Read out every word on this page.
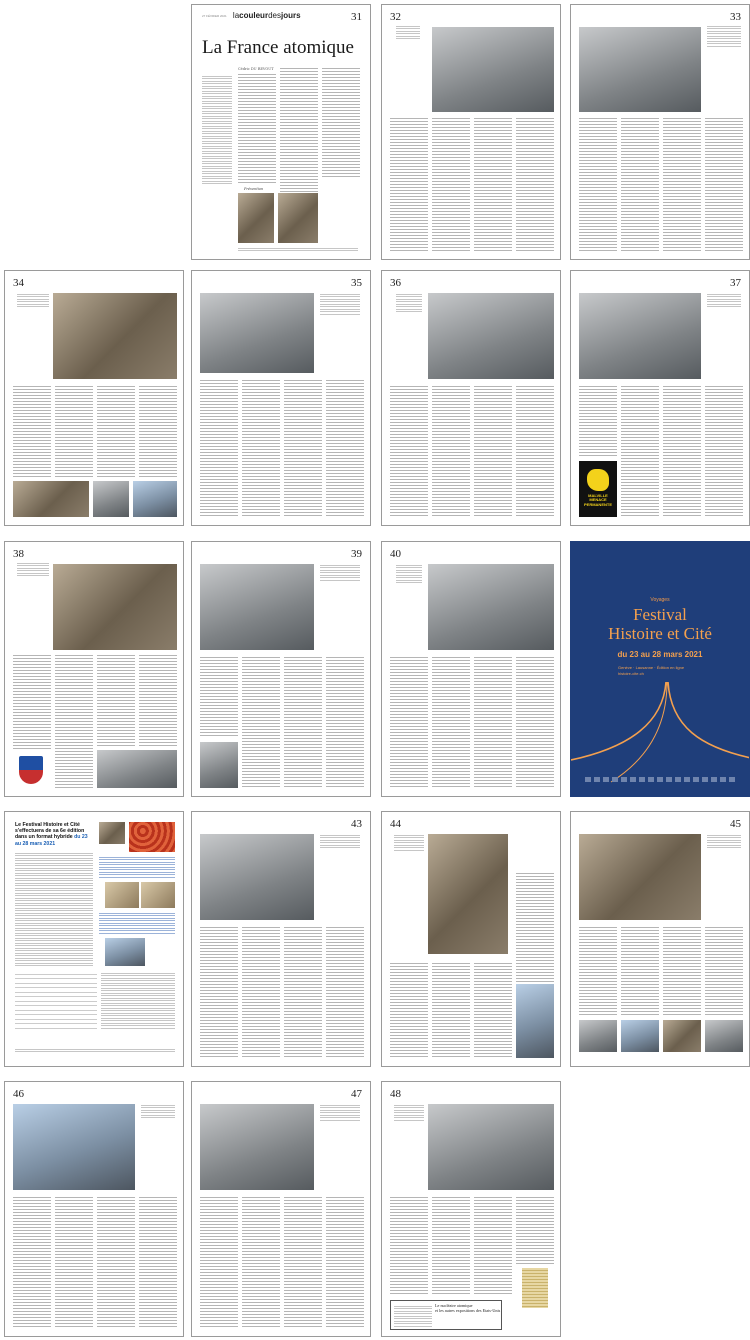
31
27 FÉVRIER 2021 lacouleurdesjours
La France atomique
Cédric DU REVOUT
Prévention
32	33
34	35	36	37
MALVILLE MENACE PERMANENTE
38	39	40
Voyages
Festival
Histoire et Cité
du 23 au 28 mars 2021
Genève · Lausanne · Édition en ligne
histoire-cite.ch
Le Festival Histoire et Cité s'effectuera de sa 6e édition dans un format hybride du 23 au 28 mars 2021
43	44	45
46	47	48
Le nucléaire atomique
et les autres expositions des Etats-Unis
